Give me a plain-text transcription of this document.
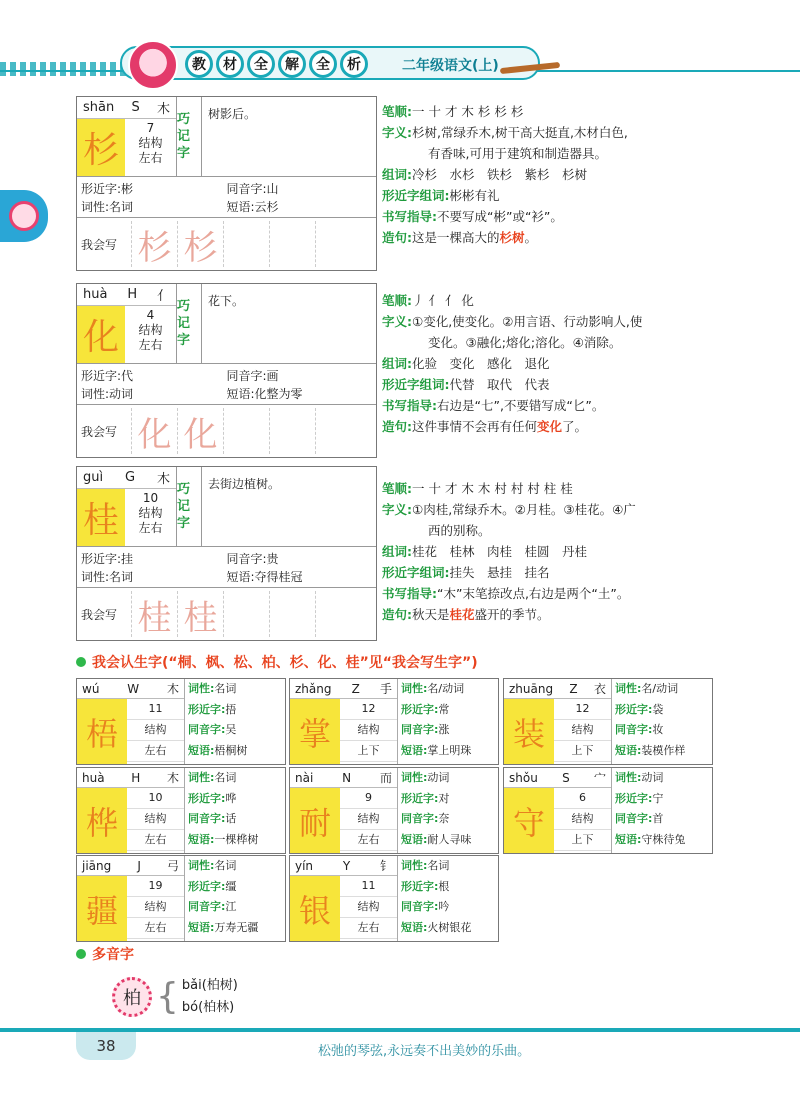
教	材	全	解	全	析	二年级语文(上)
shān S 木
杉
7
结构
左右
巧记字
树影后。
形近字:彬	同音字:山
词性:名词	短语:云杉
我会写 杉 杉
huà H 亻
化
4
结构
左右
巧记字
花下。
形近字:代	同音字:画
词性:动词	短语:化整为零
我会写 化 化
guì G 木
桂
10
结构
左右
巧记字
去街边植树。
形近字:挂	同音字:贵
词性:名词	短语:夺得桂冠
我会写 桂 桂
笔顺:一 十 才 木 杉 杉 杉
字义:杉树,常绿乔木,树干高大挺直,木材白色,
有香味,可用于建筑和制造器具。
组词:冷杉　水杉　铁杉　紫杉　杉树
形近字组词:彬彬有礼
书写指导:不要写成“彬”或“衫”。
造句:这是一棵高大的杉树。
笔顺:丿 亻 亻 化
字义:①变化,使变化。②用言语、行动影响人,使
变化。③融化;熔化;溶化。④消除。
组词:化验　变化　感化　退化
形近字组词:代替　取代　代表
书写指导:右边是“七”,不要错写成“匕”。
造句:这件事情不会再有任何变化了。
笔顺:一 十 才 木 木 村 村 村 柱 桂
字义:①肉桂,常绿乔木。②月桂。③桂花。④广
西的别称。
组词:桂花　桂林　肉桂　桂圆　丹桂
形近字组词:挂失　悬挂　挂名
书写指导:“木”末笔捺改点,右边是两个“土”。
造句:秋天是桂花盛开的季节。
我会认生字(“桐、枫、松、柏、杉、化、桂”见“我会写生字”)
wú W 木
梧
11
结构
左右
词性:名词
形近字:捂
同音字:吴
短语:梧桐树
zhǎng Z 手
掌
12
结构
上下
词性:名/动词
形近字:常
同音字:涨
短语:掌上明珠
zhuāng Z 衣
装
12
结构
上下
词性:名/动词
形近字:袋
同音字:妆
短语:装模作样
huà H 木
桦
10
结构
左右
词性:名词
形近字:哗
同音字:话
短语:一棵桦树
nài N 而
耐
9
结构
左右
词性:动词
形近字:对
同音字:奈
短语:耐人寻味
shǒu S 宀
守
6
结构
上下
词性:动词
形近字:宁
同音字:首
短语:守株待兔
jiāng J 弓
疆
19
结构
左右
词性:名词
形近字:缰
同音字:江
短语:万寿无疆
yín Y 钅
银
11
结构
左右
词性:名词
形近字:根
同音字:吟
短语:火树银花
多音字
柏 { bǎi(柏树)
bó(柏林)
38	松弛的琴弦,永远奏不出美妙的乐曲。
